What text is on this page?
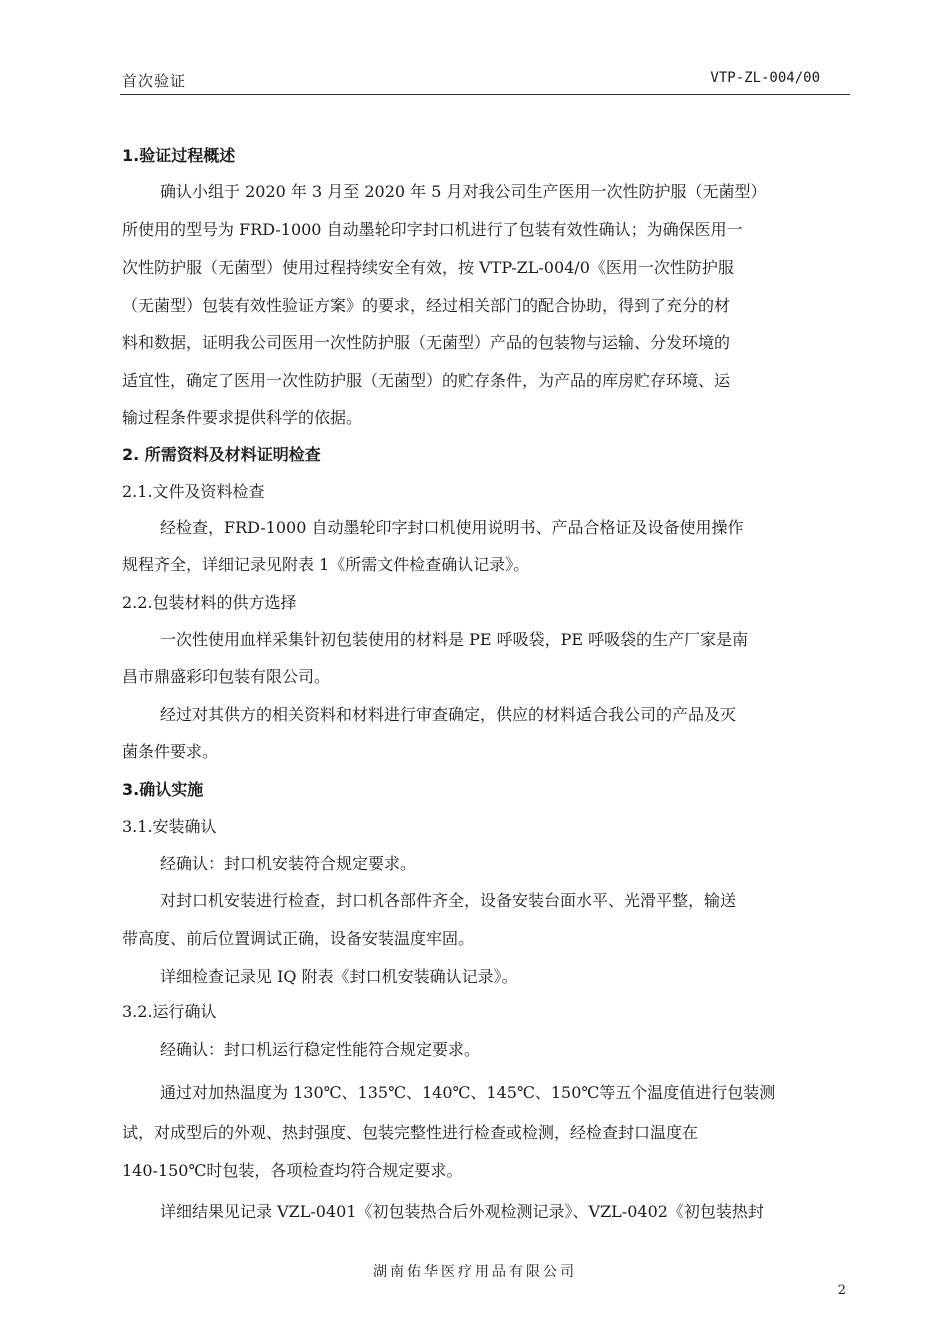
首次验证	VTP-ZL-004/00
1.验证过程概述
确认小组于 2020 年 3 月至 2020 年 5 月对我公司生产医用一次性防护服（无菌型）
所使用的型号为 FRD-1000 自动墨轮印字封口机进行了包装有效性确认；为确保医用一
次性防护服（无菌型）使用过程持续安全有效，按 VTP-ZL-004/0《医用一次性防护服
（无菌型）包装有效性验证方案》的要求，经过相关部门的配合协助，得到了充分的材
料和数据，证明我公司医用一次性防护服（无菌型）产品的包装物与运输、分发环境的
适宜性，确定了医用一次性防护服（无菌型）的贮存条件，为产品的库房贮存环境、运
输过程条件要求提供科学的依据。
2. 所需资料及材料证明检查
2.1.文件及资料检查
经检查，FRD-1000 自动墨轮印字封口机使用说明书、产品合格证及设备使用操作
规程齐全，详细记录见附表 1《所需文件检查确认记录》。
2.2.包装材料的供方选择
一次性使用血样采集针初包装使用的材料是 PE 呼吸袋，PE 呼吸袋的生产厂家是南
昌市鼎盛彩印包装有限公司。
经过对其供方的相关资料和材料进行审查确定，供应的材料适合我公司的产品及灭
菌条件要求。
3.确认实施
3.1.安装确认
经确认：封口机安装符合规定要求。
对封口机安装进行检查，封口机各部件齐全，设备安装台面水平、光滑平整，输送
带高度、前后位置调试正确，设备安装温度牢固。
详细检查记录见 IQ 附表《封口机安装确认记录》。
3.2.运行确认
经确认：封口机运行稳定性能符合规定要求。
通过对加热温度为 130℃、135℃、140℃、145℃、150℃等五个温度值进行包装测
试，对成型后的外观、热封强度、包装完整性进行检查或检测，经检查封口温度在
140-150℃时包装，各项检查均符合规定要求。
详细结果见记录 VZL-0401《初包装热合后外观检测记录》、VZL-0402《初包装热封
湖南佑华医疗用品有限公司
2
